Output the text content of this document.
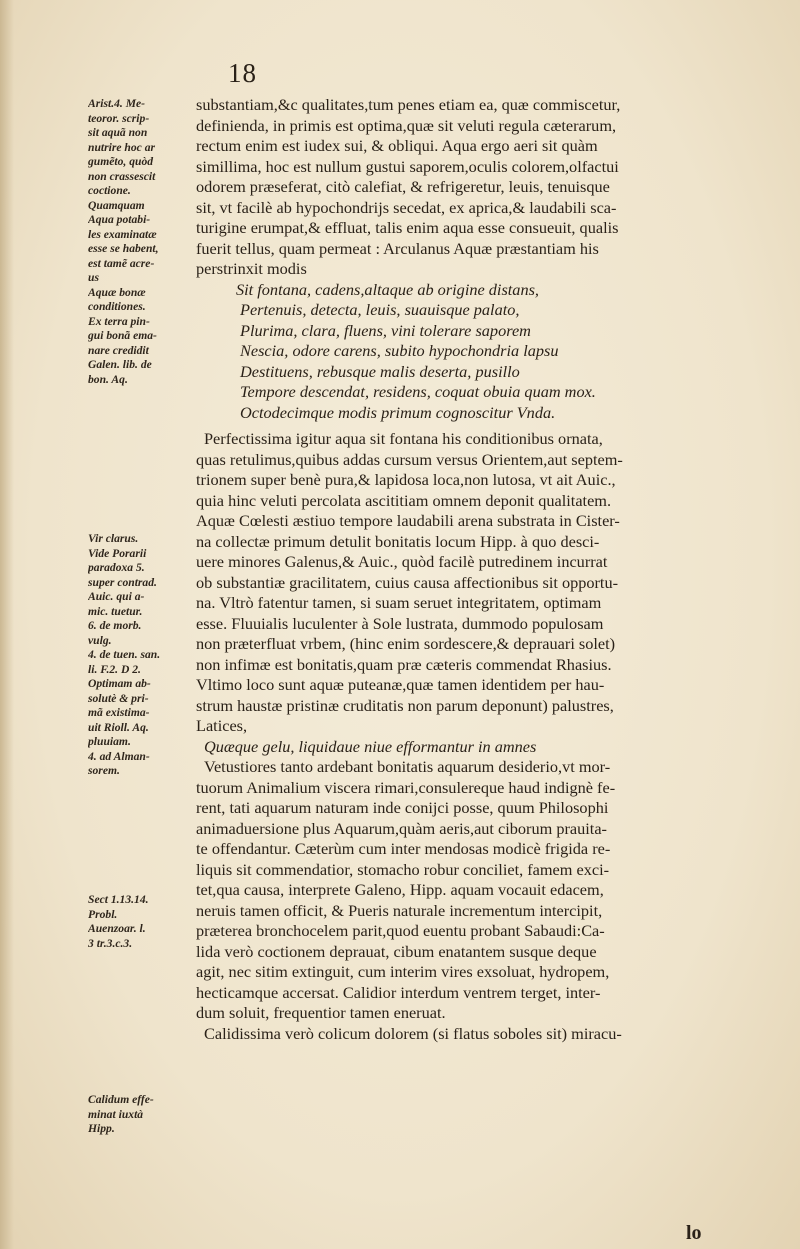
18
Arist.4. Me-
teoror. scrip-
sit aquã non
nutrire hoc ar
gumẽto, quòd
non crassescit
coctione.
Quamquam
Aqua potabi-
les examinatæ
esse se habent,
est tamẽ acre-
us
Aquæ bonæ
conditiones.
Ex terra pin-
gui bonã ema-
nare credidit
Galen. lib. de
bon. Aq.
Vir clarus.
Vide Porarii
paradoxa 5.
super contrad.
Auic. qui a-
mic. tuetur.
6. de morb.
vulg.
4. de tuen. san.
li. F.2. D 2.
Optimam ab-
solutè & pri-
mã existima-
uit Rioll. Aq.
pluuiam.
4. ad Alman-
sorem.
Sect 1.13.14.
Probl.
Auenzoar. l.
3 tr.3.c.3.
Calidum effe-
minat iuxtà
Hipp.
substantiam,&c qualitates,tum penes etiam ea, quæ commiscetur,
definienda, in primis est optima,quæ sit veluti regula cæterarum,
rectum enim est iudex sui, & obliqui. Aqua ergo aeri sit quàm
simillima, hoc est nullum gustui saporem,oculis colorem,olfactui
odorem præseferat, citò calefiat, & refrigeretur, leuis, tenuisque
sit, vt facilè ab hypochondrijs secedat, ex aprica,& laudabili sca-
turigine erumpat,& effluat, talis enim aqua esse consueuit, qualis
fuerit tellus, quam permeat : Arculanus Aquæ præstantiam his
perstrinxit modis
Sit fontana, cadens,altaque ab origine distans,
Pertenuis, detecta, leuis, suauisque palato,
Plurima, clara, fluens, vini tolerare saporem
Nescia, odore carens, subito hypochondria lapsu
Destituens, rebusque malis deserta, pusillo
Tempore descendat, residens, coquat obuia quam mox.
Octodecimque modis primum cognoscitur Vnda.
Perfectissima igitur aqua sit fontana his conditionibus ornata,
quas retulimus,quibus addas cursum versus Orientem,aut septem-
trionem super benè pura,& lapidosa loca,non lutosa, vt ait Auic.,
quia hinc veluti percolata ascititiam omnem deponit qualitatem.
Aquæ Cœlesti æstiuo tempore laudabili arena substrata in Cister-
na collectæ primum detulit bonitatis locum Hipp. à quo desci-
uere minores Galenus,& Auic., quòd facilè putredinem incurrat
ob substantiæ gracilitatem, cuius causa affectionibus sit opportu-
na. Vltrò fatentur tamen, si suam seruet integritatem, optimam
esse. Fluuialis luculenter à Sole lustrata, dummodo populosam
non præterfluat vrbem, (hinc enim sordescere,& deprauari solet)
non infimæ est bonitatis,quam præ cæteris commendat Rhasius.
Vltimo loco sunt aquæ puteanæ,quæ tamen identidem per hau-
strum haustæ pristinæ cruditatis non parum deponunt) palustres,
Latices,
Quæque gelu, liquidaue niue efformantur in amnes
Vetustiores tanto ardebant bonitatis aquarum desiderio,vt mor-
tuorum Animalium viscera rimari,consulereque haud indignè fe-
rent, tati aquarum naturam inde conijci posse, quum Philosophi
animaduersione plus Aquarum,quàm aeris,aut ciborum prauita-
te offendantur. Cæterùm cum inter mendosas modicè frigida re-
liquis sit commendatior, stomacho robur conciliet, famem exci-
tet,qua causa, interprete Galeno, Hipp. aquam vocauit edacem,
neruis tamen officit, & Pueris naturale incrementum intercipit,
præterea bronchocelem parit,quod euentu probant Sabaudi:Ca-
lida verò coctionem deprauat, cibum enatantem susque deque
agit, nec sitim extinguit, cum interim vires exsoluat, hydropem,
hecticamque accersat. Calidior interdum ventrem terget, inter-
dum soluit, frequentior tamen eneruat.
Calidissima verò colicum dolorem (si flatus soboles sit) miracu-
lo
